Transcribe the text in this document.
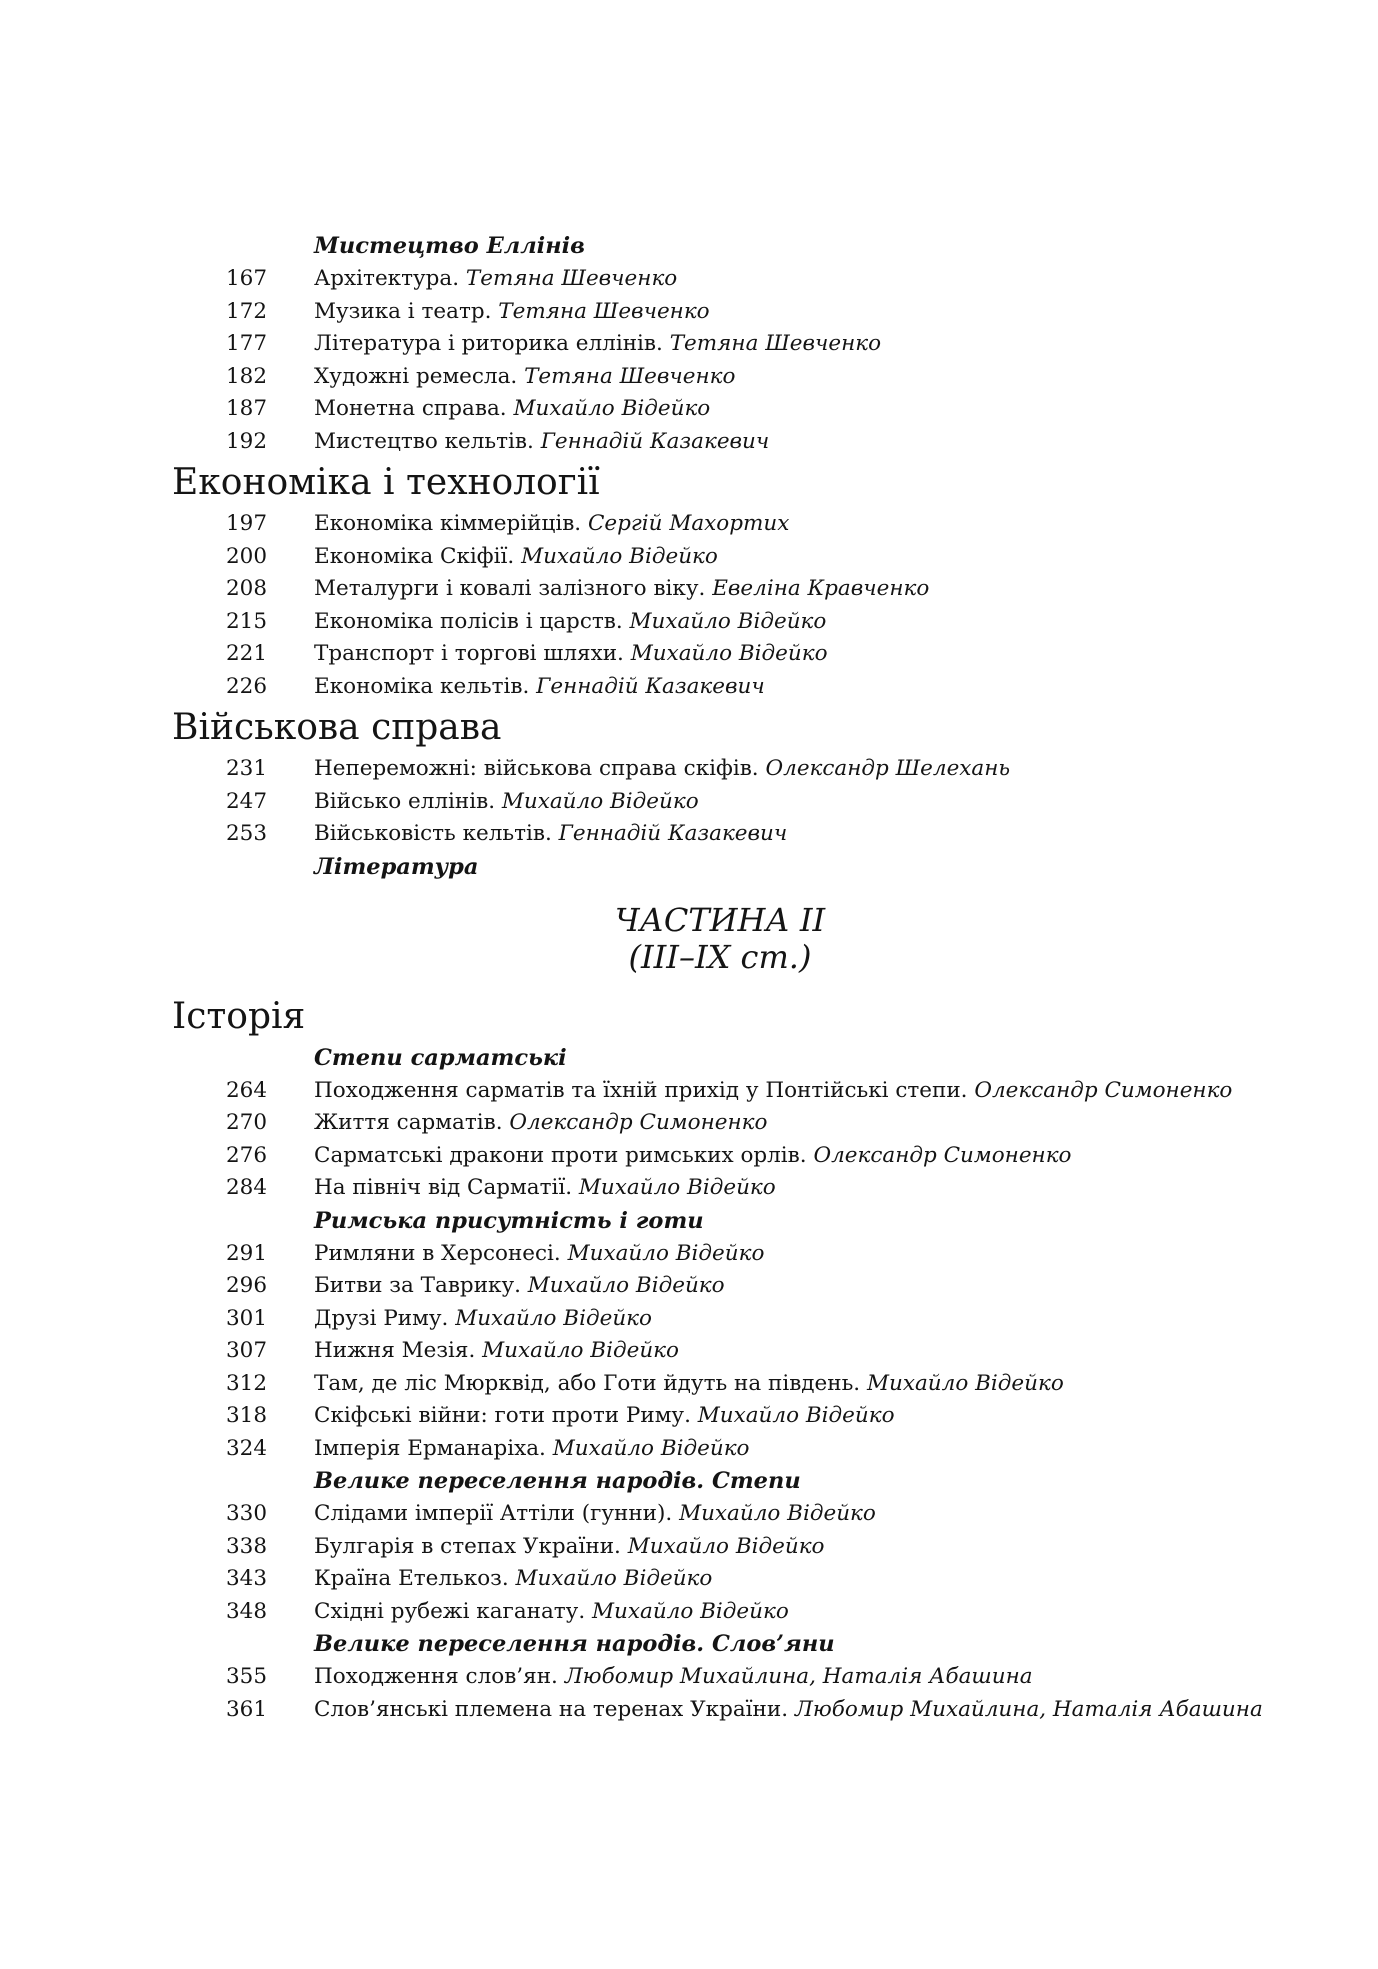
Мистецтво Еллінів
167	Архітектура. Тетяна Шевченко
172	Музика і театр. Тетяна Шевченко
177	Література і риторика еллінів. Тетяна Шевченко
182	Художні ремесла. Тетяна Шевченко
187	Монетна справа. Михайло Відейко
192	Мистецтво кельтів. Геннадій Казакевич
Економіка і технології
197	Економіка кіммерійців. Сергій Махортих
200	Економіка Скіфії. Михайло Відейко
208	Металурги і ковалі залізного віку. Евеліна Кравченко
215	Економіка полісів і царств. Михайло Відейко
221	Транспорт і торгові шляхи. Михайло Відейко
226	Економіка кельтів. Геннадій Казакевич
Військова справа
231	Непереможні: військова справа скіфів. Олександр Шелехань
247	Військо еллінів. Михайло Відейко
253	Військовість кельтів. Геннадій Казакевич
Література
ЧАСТИНА ІІ
(ІІІ–ІХ ст.)
Історія
Степи сарматські
264	Походження сарматів та їхній прихід у Понтійські степи. Олександр Симоненко
270	Життя сарматів. Олександр Симоненко
276	Сарматські дракони проти римських орлів. Олександр Симоненко
284	На північ від Сарматії. Михайло Відейко
Римська присутність і готи
291	Римляни в Херсонесі. Михайло Відейко
296	Битви за Таврику. Михайло Відейко
301	Друзі Риму. Михайло Відейко
307	Нижня Мезія. Михайло Відейко
312	Там, де ліс Мюрквід, або Готи йдуть на південь. Михайло Відейко
318	Скіфські війни: готи проти Риму. Михайло Відейко
324	Імперія Ерманаріха. Михайло Відейко
Велике переселення народів. Степи
330	Слідами імперії Аттіли (гунни). Михайло Відейко
338	Булгарія в степах України. Михайло Відейко
343	Країна Етелькоз. Михайло Відейко
348	Східні рубежі каганату. Михайло Відейко
Велике переселення народів. Слов’яни
355	Походження слов’ян. Любомир Михайлина, Наталія Абашина
361	Слов’янські племена на теренах України. Любомир Михайлина, Наталія Абашина
